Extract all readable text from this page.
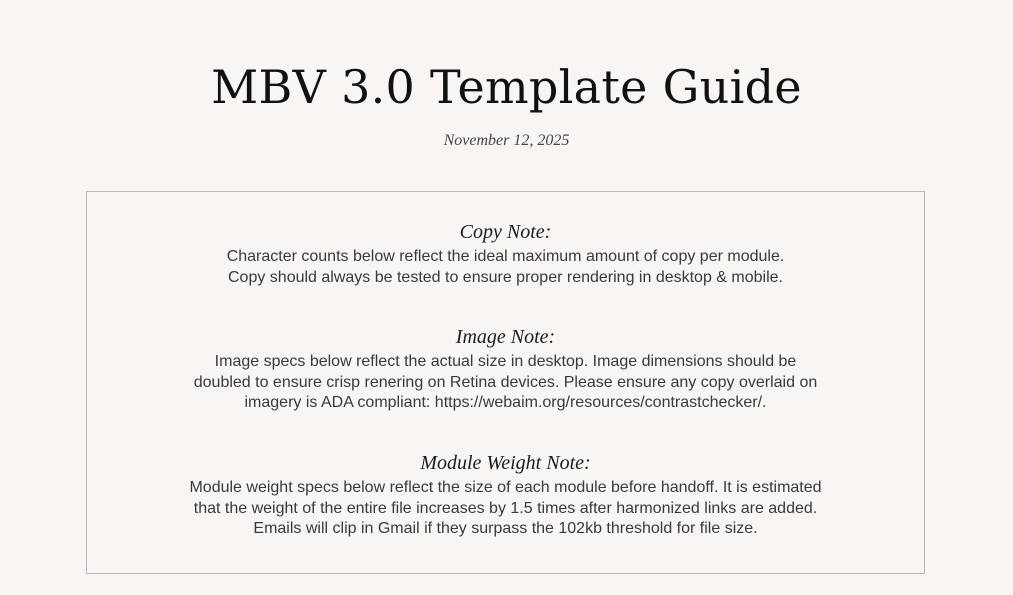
MBV 3.0 Template Guide
November 12, 2025
Copy Note:
Character counts below reflect the ideal maximum amount of copy per module.
Copy should always be tested to ensure proper rendering in desktop & mobile.
Image Note:
Image specs below reflect the actual size in desktop. Image dimensions should be
doubled to ensure crisp renering on Retina devices. Please ensure any copy overlaid on
imagery is ADA compliant: https://webaim.org/resources/contrastchecker/.
Module Weight Note:
Module weight specs below reflect the size of each module before handoff. It is estimated
that the weight of the entire file increases by 1.5 times after harmonized links are added.
Emails will clip in Gmail if they surpass the 102kb threshold for file size.
